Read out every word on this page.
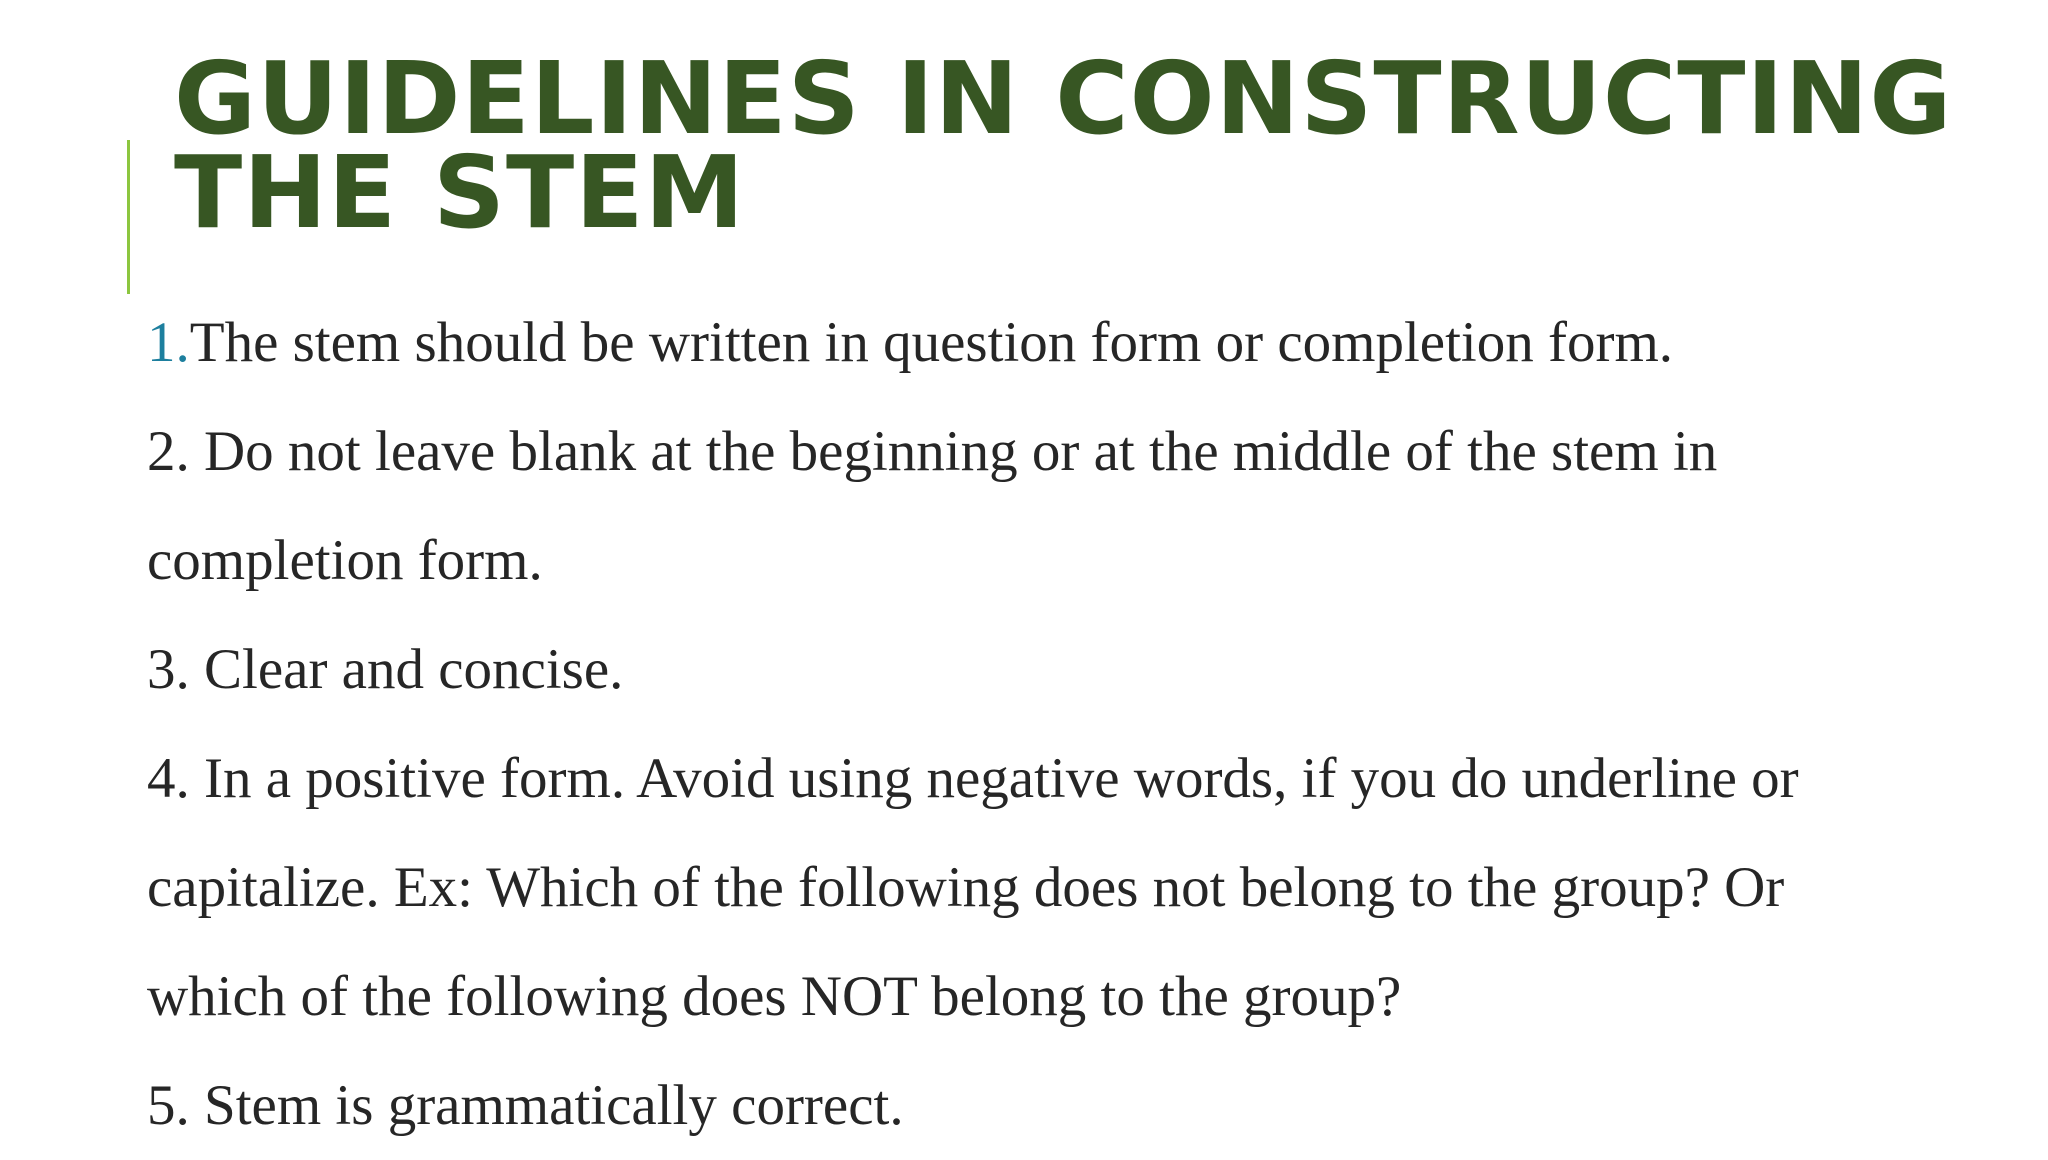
GUIDELINES IN CONSTRUCTING
THE STEM
1.The stem should be written in question form or completion form.
2. Do not leave blank at the beginning or at the middle of the stem in
completion form.
3. Clear and concise.
4. In a positive form. Avoid using negative words, if you do underline or
capitalize. Ex: Which of the following does not belong to the group? Or
which of the following does NOT belong to the group?
5. Stem is grammatically correct.
